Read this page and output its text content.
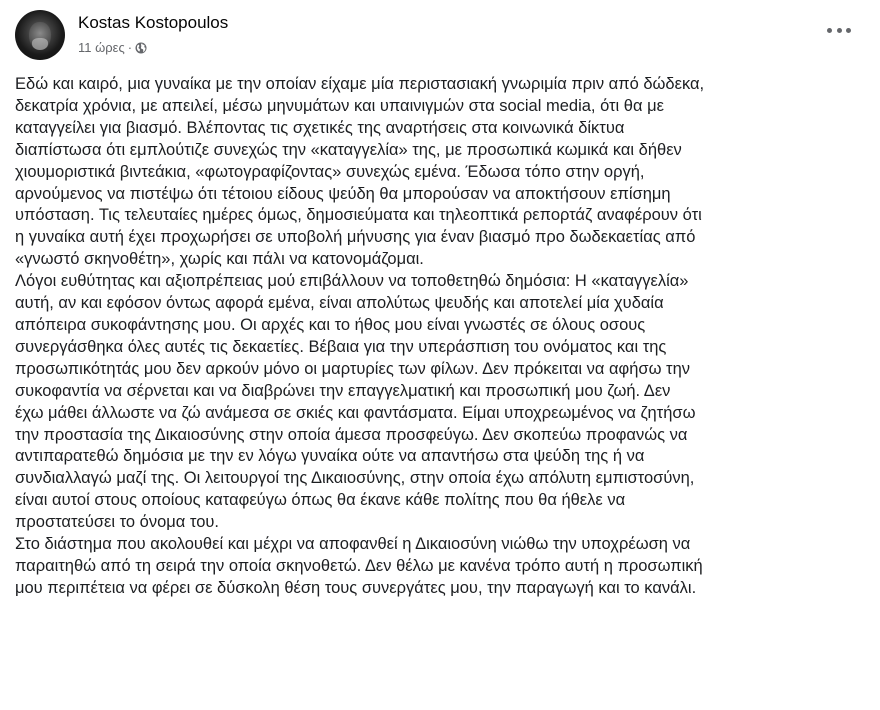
Kostas Kostopoulos
11 ώρες ·
Εδώ και καιρό, μια γυναίκα με την οποίαν είχαμε μία περιστασιακή γνωριμία πριν από δώδεκα,
δεκατρία χρόνια, με απειλεί, μέσω μηνυμάτων και υπαινιγμών στα social media, ότι θα με
καταγγείλει για βιασμό. Βλέποντας τις σχετικές της αναρτήσεις στα κοινωνικά δίκτυα
διαπίστωσα ότι εμπλούτιζε συνεχώς την «καταγγελία» της, με προσωπικά κωμικά και δήθεν
χιουμοριστικά βιντεάκια, «φωτογραφίζοντας» συνεχώς εμένα. Έδωσα τόπο στην οργή,
αρνούμενος να πιστέψω ότι τέτοιου είδους ψεύδη θα μπορούσαν να αποκτήσουν επίσημη
υπόσταση. Τις τελευταίες ημέρες όμως, δημοσιεύματα και τηλεοπτικά ρεπορτάζ αναφέρουν ότι
η γυναίκα αυτή έχει προχωρήσει σε υποβολή μήνυσης για έναν βιασμό προ δωδεκαετίας από
«γνωστό σκηνοθέτη», χωρίς και πάλι να κατονομάζομαι.
Λόγοι ευθύτητας και αξιοπρέπειας μού επιβάλλουν να τοποθετηθώ δημόσια: Η «καταγγελία»
αυτή, αν και εφόσον όντως αφορά εμένα, είναι απολύτως ψευδής και αποτελεί μία χυδαία
απόπειρα συκοφάντησης μου. Οι αρχές και το ήθος μου είναι γνωστές σε όλους οσους
συνεργάσθηκα όλες αυτές τις δεκαετίες. Βέβαια για την υπεράσπιση του ονόματος και της
προσωπικότητάς μου δεν αρκούν μόνο οι μαρτυρίες των φίλων. Δεν πρόκειται να αφήσω την
συκοφαντία να σέρνεται και να διαβρώνει την επαγγελματική και προσωπική μου ζωή. Δεν
έχω μάθει άλλωστε να ζώ ανάμεσα σε σκιές και φαντάσματα. Είμαι υποχρεωμένος να ζητήσω
την προστασία της Δικαιοσύνης στην οποία άμεσα προσφεύγω. Δεν σκοπεύω προφανώς να
αντιπαρατεθώ δημόσια με την εν λόγω γυναίκα ούτε να απαντήσω στα ψεύδη της ή να
συνδιαλλαγώ μαζί της. Οι λειτουργοί της Δικαιοσύνης, στην οποία έχω απόλυτη εμπιστοσύνη,
είναι αυτοί στους οποίους καταφεύγω όπως θα έκανε κάθε πολίτης που θα ήθελε να
προστατεύσει το όνομα του.
Στο διάστημα που ακολουθεί και μέχρι να αποφανθεί η Δικαιοσύνη νιώθω την υποχρέωση να
παραιτηθώ από τη σειρά την οποία σκηνοθετώ. Δεν θέλω με κανένα τρόπο αυτή η προσωπική
μου περιπέτεια να φέρει σε δύσκολη θέση τους συνεργάτες μου, την παραγωγή και το κανάλι.
